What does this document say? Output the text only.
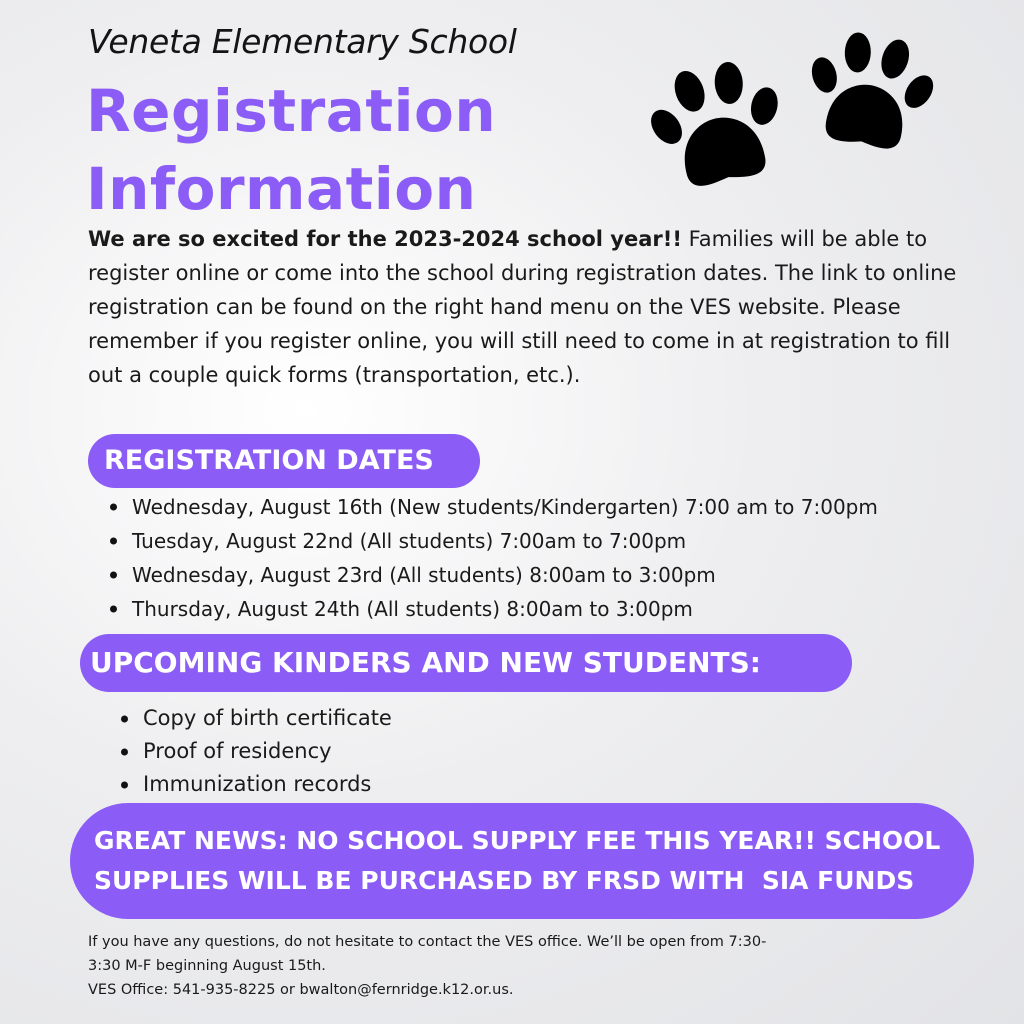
Veneta Elementary School
Registration
Information
We are so excited for the 2023-2024 school year!! Families will be able to register online or come into the school during registration dates. The link to online registration can be found on the right hand menu on the VES website. Please remember if you register online, you will still need to come in at registration to fill out a couple quick forms (transportation, etc.).
REGISTRATION DATES
Wednesday, August 16th (New students/Kindergarten) 7:00 am to 7:00pm
Tuesday, August 22nd (All students) 7:00am to 7:00pm
Wednesday, August 23rd (All students) 8:00am to 3:00pm
Thursday, August 24th (All students) 8:00am to 3:00pm
UPCOMING KINDERS AND NEW STUDENTS:
Copy of birth certificate
Proof of residency
Immunization records
GREAT NEWS: NO SCHOOL SUPPLY FEE THIS YEAR!! SCHOOL
SUPPLIES WILL BE PURCHASED BY FRSD WITH  SIA FUNDS
If you have any questions, do not hesitate to contact the VES office. We’ll be open from 7:30-
3:30 M-F beginning August 15th.
VES Office: 541-935-8225 or bwalton@fernridge.k12.or.us.
